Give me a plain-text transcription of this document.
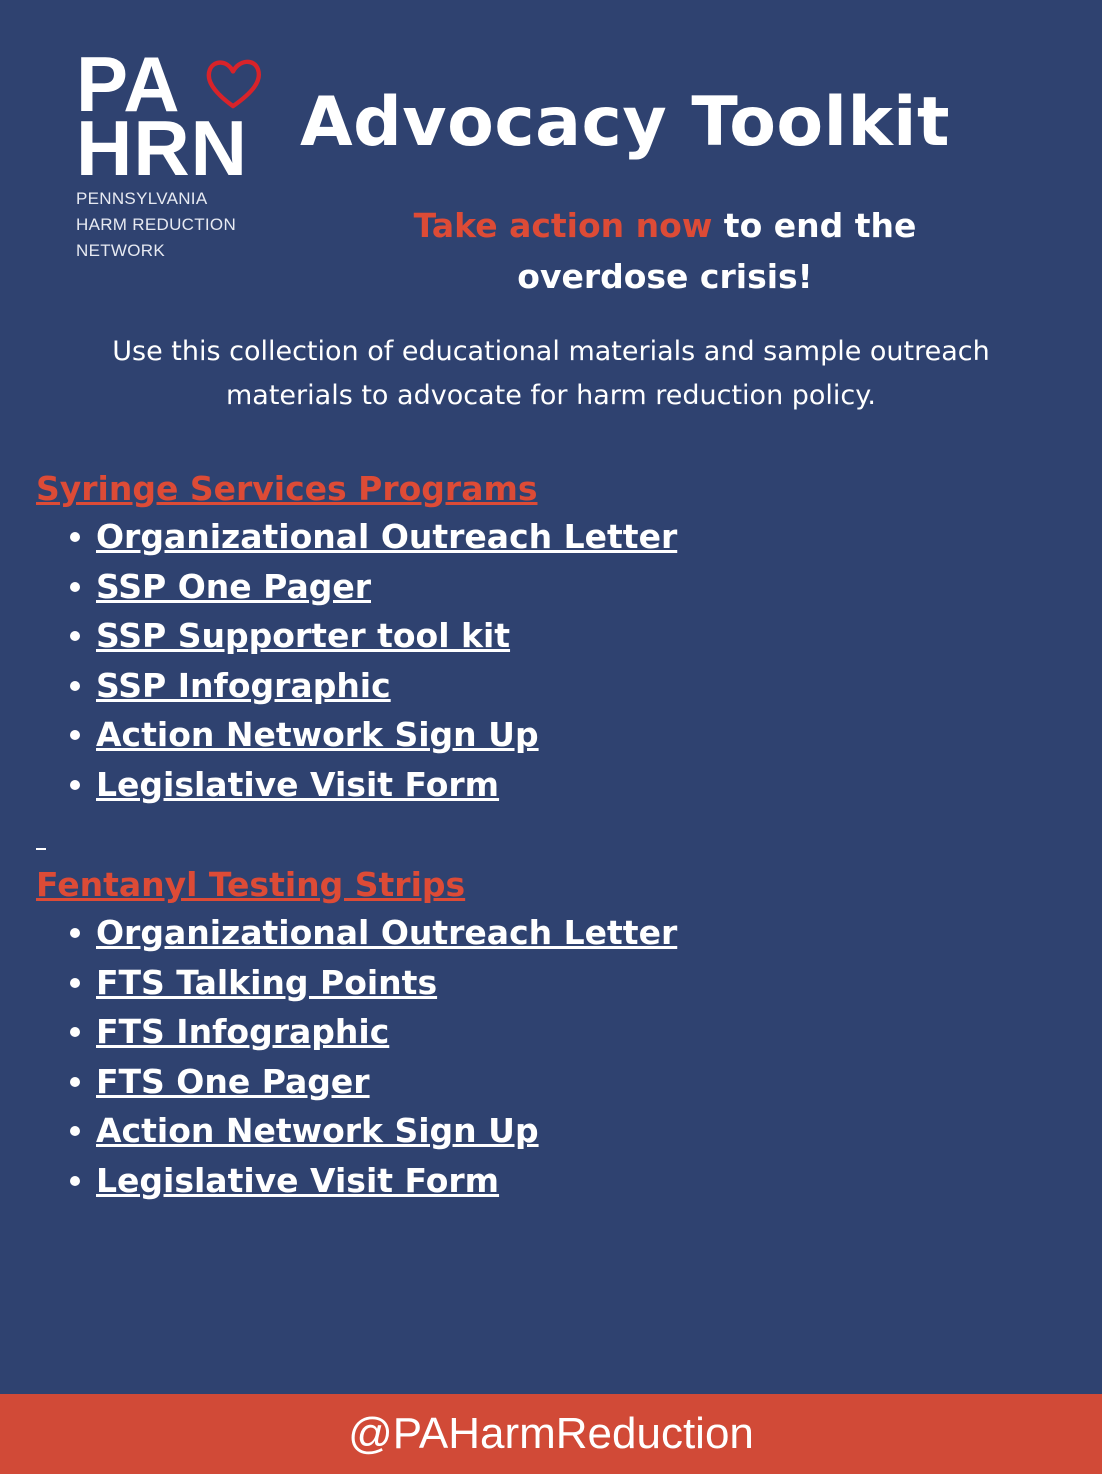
PA
HRN
PENNSYLVANIA
HARM REDUCTION
NETWORK
Advocacy Toolkit
Take action now to end the
overdose crisis!
Use this collection of educational materials and sample outreach
materials to advocate for harm reduction policy.
Syringe Services Programs
Organizational Outreach Letter
SSP One Pager
SSP Supporter tool kit
SSP Infographic
Action Network Sign Up
Legislative Visit Form
Fentanyl Testing Strips
Organizational Outreach Letter
FTS Talking Points
FTS Infographic
FTS One Pager
Action Network Sign Up
Legislative Visit Form
@PAHarmReduction
